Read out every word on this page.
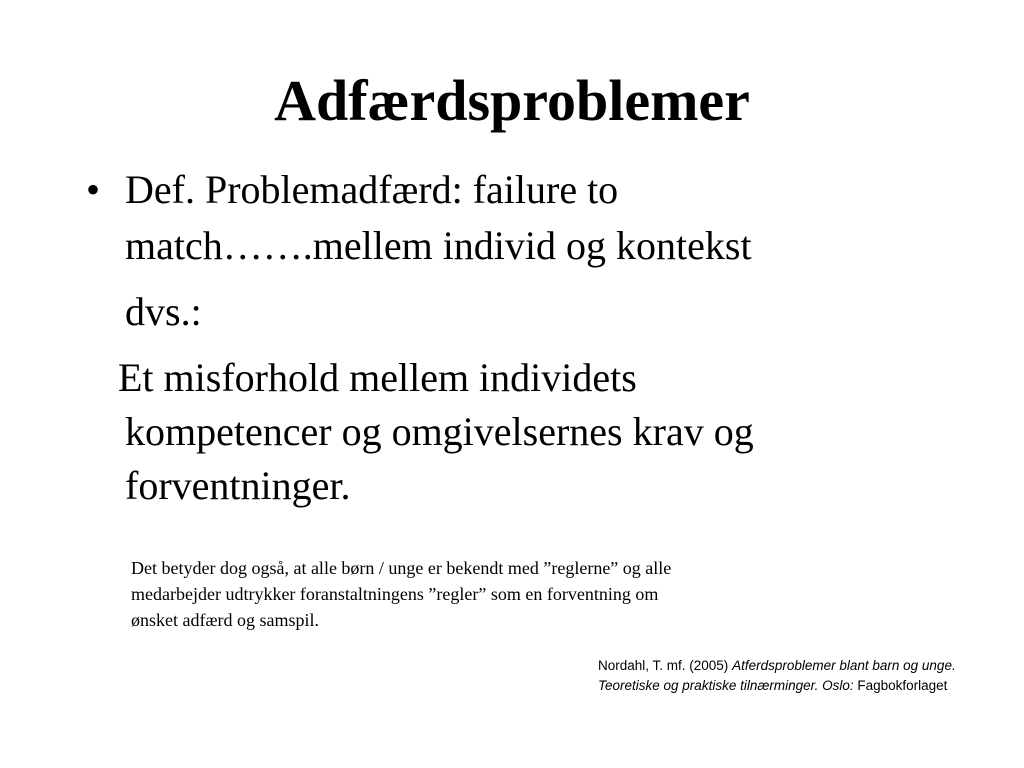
Adfærdsproblemer
• Def. Problemadfærd: failure to
match…….mellem individ og kontekst
dvs.:
Et misforhold mellem individets
kompetencer og omgivelsernes krav og
forventninger.

Det betyder dog også, at alle børn / unge er bekendt med ”reglerne” og alle
medarbejder udtrykker foranstaltningens ”regler” som en forventning om
ønsket adfærd og samspil.

Nordahl, T. mf. (2005) Atferdsproblemer blant barn og unge.
Teoretiske og praktiske tilnærminger. Oslo: Fagbokforlaget
